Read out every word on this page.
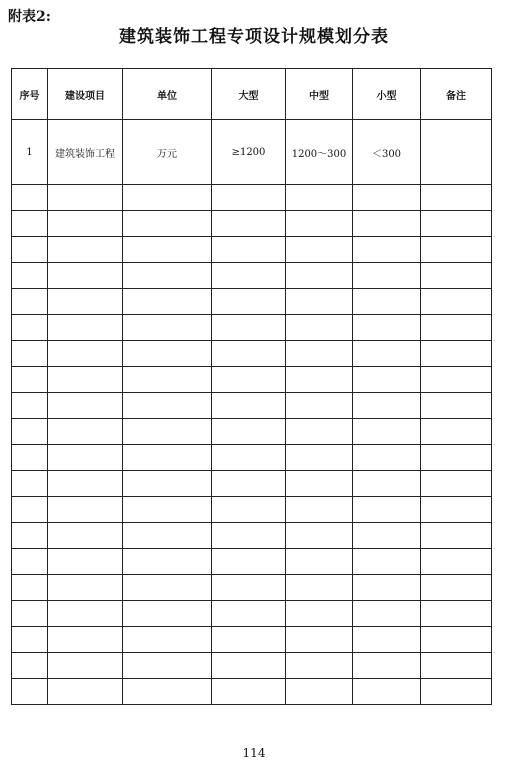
附表2:
建筑装饰工程专项设计规模划分表
序号	建设项目	单位	大型	中型	小型	备注
1	建筑装饰工程	万元	≥1200	1200～300	＜300	

114
